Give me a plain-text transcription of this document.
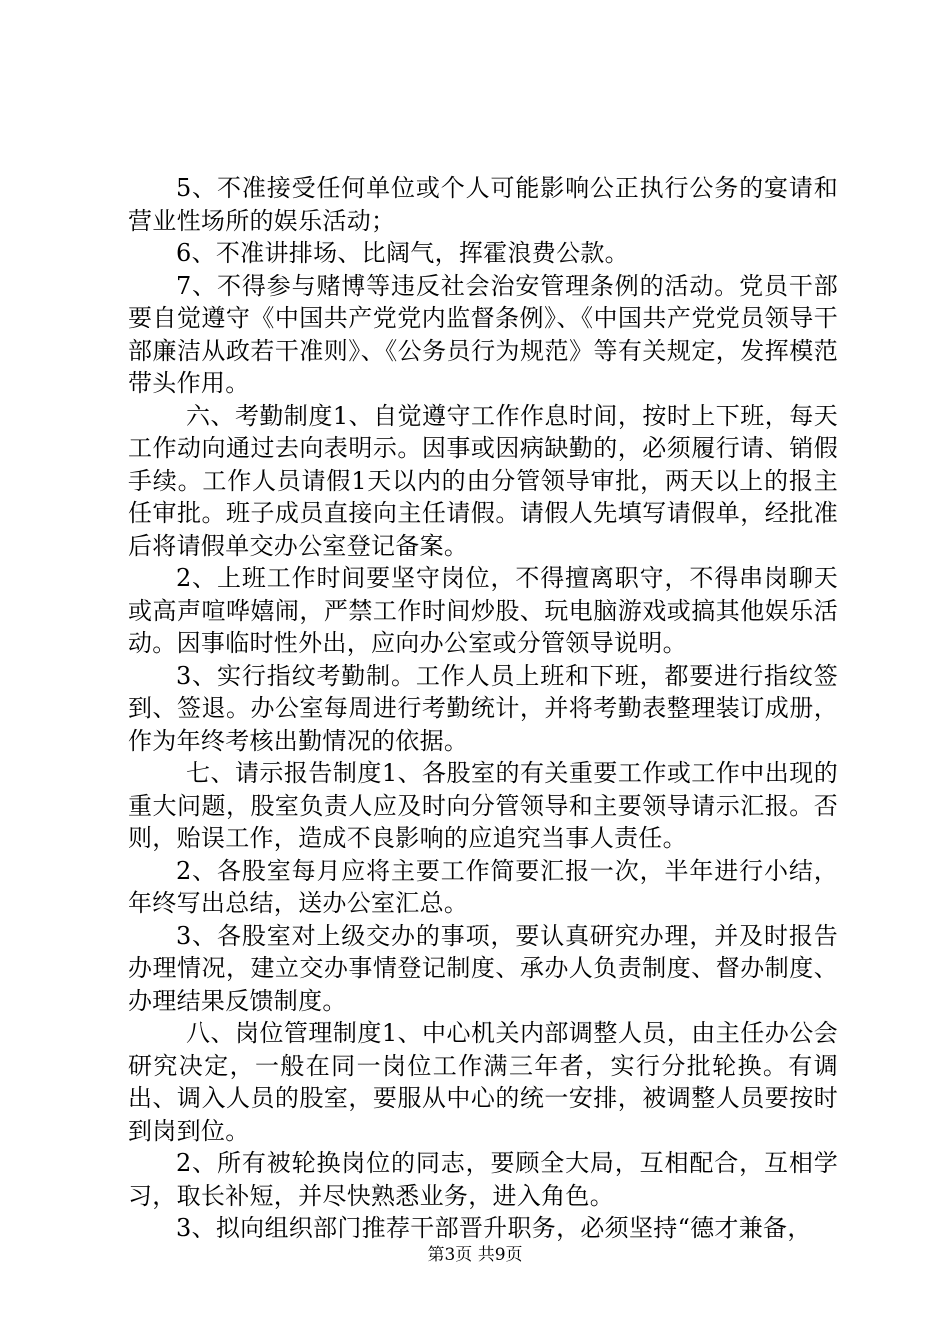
5、不准接受任何单位或个人可能影响公正执行公务的宴请和营业性场所的娱乐活动；

6、不准讲排场、比阔气，挥霍浪费公款。

7、不得参与赌博等违反社会治安管理条例的活动。党员干部要自觉遵守《中国共产党党内监督条例》、《中国共产党党员领导干部廉洁从政若干准则》、《公务员行为规范》等有关规定，发挥模范带头作用。

六、考勤制度1、自觉遵守工作作息时间，按时上下班，每天工作动向通过去向表明示。因事或因病缺勤的，必须履行请、销假手续。工作人员请假1天以内的由分管领导审批，两天以上的报主任审批。班子成员直接向主任请假。请假人先填写请假单，经批准后将请假单交办公室登记备案。

2、上班工作时间要坚守岗位，不得擅离职守，不得串岗聊天或高声喧哗嬉闹，严禁工作时间炒股、玩电脑游戏或搞其他娱乐活动。因事临时性外出，应向办公室或分管领导说明。

3、实行指纹考勤制。工作人员上班和下班，都要进行指纹签到、签退。办公室每周进行考勤统计，并将考勤表整理装订成册，作为年终考核出勤情况的依据。

七、请示报告制度1、各股室的有关重要工作或工作中出现的重大问题，股室负责人应及时向分管领导和主要领导请示汇报。否则，贻误工作，造成不良影响的应追究当事人责任。

2、各股室每月应将主要工作简要汇报一次，半年进行小结，年终写出总结，送办公室汇总。

3、各股室对上级交办的事项，要认真研究办理，并及时报告办理情况，建立交办事情登记制度、承办人负责制度、督办制度、办理结果反馈制度。

八、岗位管理制度1、中心机关内部调整人员，由主任办公会研究决定，一般在同一岗位工作满三年者，实行分批轮换。有调出、调入人员的股室，要服从中心的统一安排，被调整人员要按时到岗到位。

2、所有被轮换岗位的同志，要顾全大局，互相配合，互相学习，取长补短，并尽快熟悉业务，进入角色。

3、拟向组织部门推荐干部晋升职务，必须坚持“德才兼备，

第3页 共9页
